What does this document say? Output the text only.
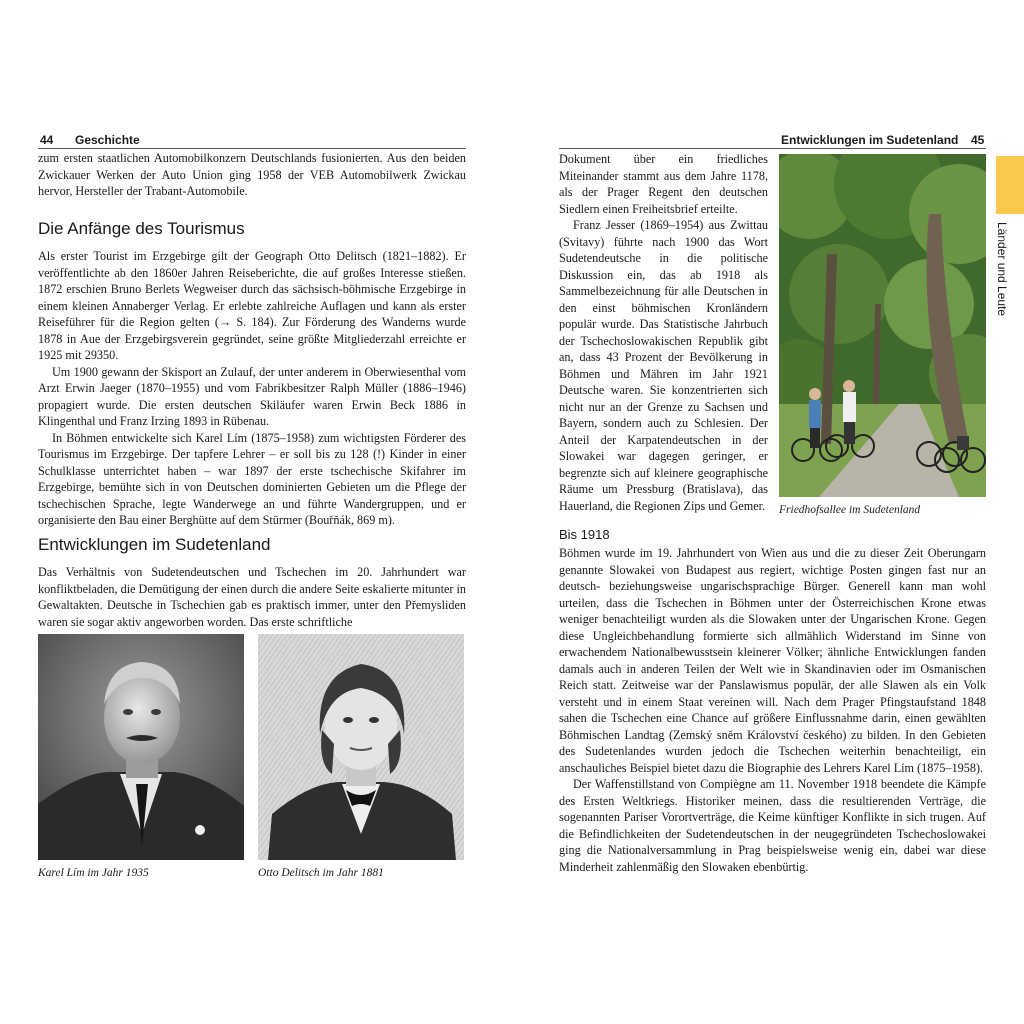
44 Geschichte

zum ersten staatlichen Automobilkonzern Deutschlands fusionierten. Aus den beiden Zwickauer Werken der Auto Union ging 1958 der VEB Automobilwerk Zwickau hervor, Hersteller der Trabant-Automobile.

Die Anfänge des Tourismus

Als erster Tourist im Erzgebirge gilt der Geograph Otto Delitsch (1821–1882). Er veröffentlichte ab den 1860er Jahren Reiseberichte, die auf großes Interesse stießen. 1872 erschien Bruno Berlets Wegweiser durch das sächsisch-böhmische Erzgebirge in einem kleinen Annaberger Verlag. Er erlebte zahlreiche Auflagen und kann als erster Reiseführer für die Region gelten (→ S. 184). Zur Förderung des Wanderns wurde 1878 in Aue der Erzgebirgsverein gegründet, seine größte Mitgliederzahl erreichte er 1925 mit 29350.

Um 1900 gewann der Skisport an Zulauf, der unter anderem in Oberwiesenthal vom Arzt Erwin Jaeger (1870–1955) und vom Fabrikbesitzer Ralph Müller (1886–1946) propagiert wurde. Die ersten deutschen Skiläufer waren Erwin Beck 1886 in Klingenthal und Franz Irzing 1893 in Rübenau.

In Böhmen entwickelte sich Karel Lím (1875–1958) zum wichtigsten Förderer des Tourismus im Erzgebirge. Der tapfere Lehrer – er soll bis zu 128 (!) Kinder in einer Schulklasse unterrichtet haben – war 1897 der erste tschechische Skifahrer im Erzgebirge, bemühte sich in von Deutschen dominierten Gebieten um die Pflege der tschechischen Sprache, legte Wanderwege an und führte Wandergruppen, und er organisierte den Bau einer Berghütte auf dem Stürmer (Bouřňák, 869 m).

Entwicklungen im Sudetenland

Das Verhältnis von Sudetendeutschen und Tschechen im 20. Jahrhundert war konfliktbeladen, die Demütigung der einen durch die andere Seite eskalierte mitunter in Gewaltakten. Deutsche in Tschechien gab es praktisch immer, unter den Přemysliden waren sie sogar aktiv angeworben worden. Das erste schriftliche

Karel Lím im Jahr 1935	Otto Delitsch im Jahr 1881
Entwicklungen im Sudetenland 45
Länder und Leute

Dokument über ein friedliches Miteinander stammt aus dem Jahre 1178, als der Prager Regent den deutschen Siedlern einen Freiheitsbrief erteilte.

Franz Jesser (1869–1954) aus Zwittau (Svitavy) führte nach 1900 das Wort Sudetendeutsche in die politische Diskussion ein, das ab 1918 als Sammelbezeichnung für alle Deutschen in den einst böhmischen Kronländern populär wurde. Das Statistische Jahrbuch der Tschechoslowakischen Republik gibt an, dass 43 Prozent der Bevölkerung in Böhmen und Mähren im Jahr 1921 Deutsche waren. Sie konzentrierten sich nicht nur an der Grenze zu Sachsen und Bayern, sondern auch zu Schlesien. Der Anteil der Karpatendeutschen in der Slowakei war dagegen geringer, er begrenzte sich auf kleinere geographische Räume um Pressburg (Bratislava), das Hauerland, die Regionen Zips und Gemer. Friedhofsallee im Sudetenland
Bis 1918

Böhmen wurde im 19. Jahrhundert von Wien aus und die zu dieser Zeit Oberungarn genannte Slowakei von Budapest aus regiert, wichtige Posten gingen fast nur an deutsch- beziehungsweise ungarischsprachige Bürger. Generell kann man wohl urteilen, dass die Tschechen in Böhmen unter der Österreichischen Krone etwas weniger benachteiligt wurden als die Slowaken unter der Ungarischen Krone. Gegen diese Ungleichbehandlung formierte sich allmählich Widerstand im Sinne von erwachendem Nationalbewusstsein kleinerer Völker; ähnliche Entwicklungen fanden damals auch in anderen Teilen der Welt wie in Skandinavien oder im Osmanischen Reich statt. Zeitweise war der Panslawismus populär, der alle Slawen als ein Volk versteht und in einem Staat vereinen will. Nach dem Prager Pfingstaufstand 1848 sahen die Tschechen eine Chance auf größere Einflussnahme darin, einen gewählten Böhmischen Landtag (Zemský sněm Království českého) zu bilden. In den Gebieten des Sudetenlandes wurden jedoch die Tschechen weiterhin benachteiligt, ein anschauliches Beispiel bietet dazu die Biographie des Lehrers Karel Lím (1875–1958).

Der Waffenstillstand von Compiègne am 11. November 1918 beendete die Kämpfe des Ersten Weltkriegs. Historiker meinen, dass die resultierenden Verträge, die sogenannten Pariser Vorortverträge, die Keime künftiger Konflikte in sich trugen. Auf die Befindlichkeiten der Sudetendeutschen in der neugegründeten Tschechoslowakei ging die Nationalversammlung in Prag beispielsweise wenig ein, dabei war diese Minderheit zahlenmäßig den Slowaken ebenbürtig.
